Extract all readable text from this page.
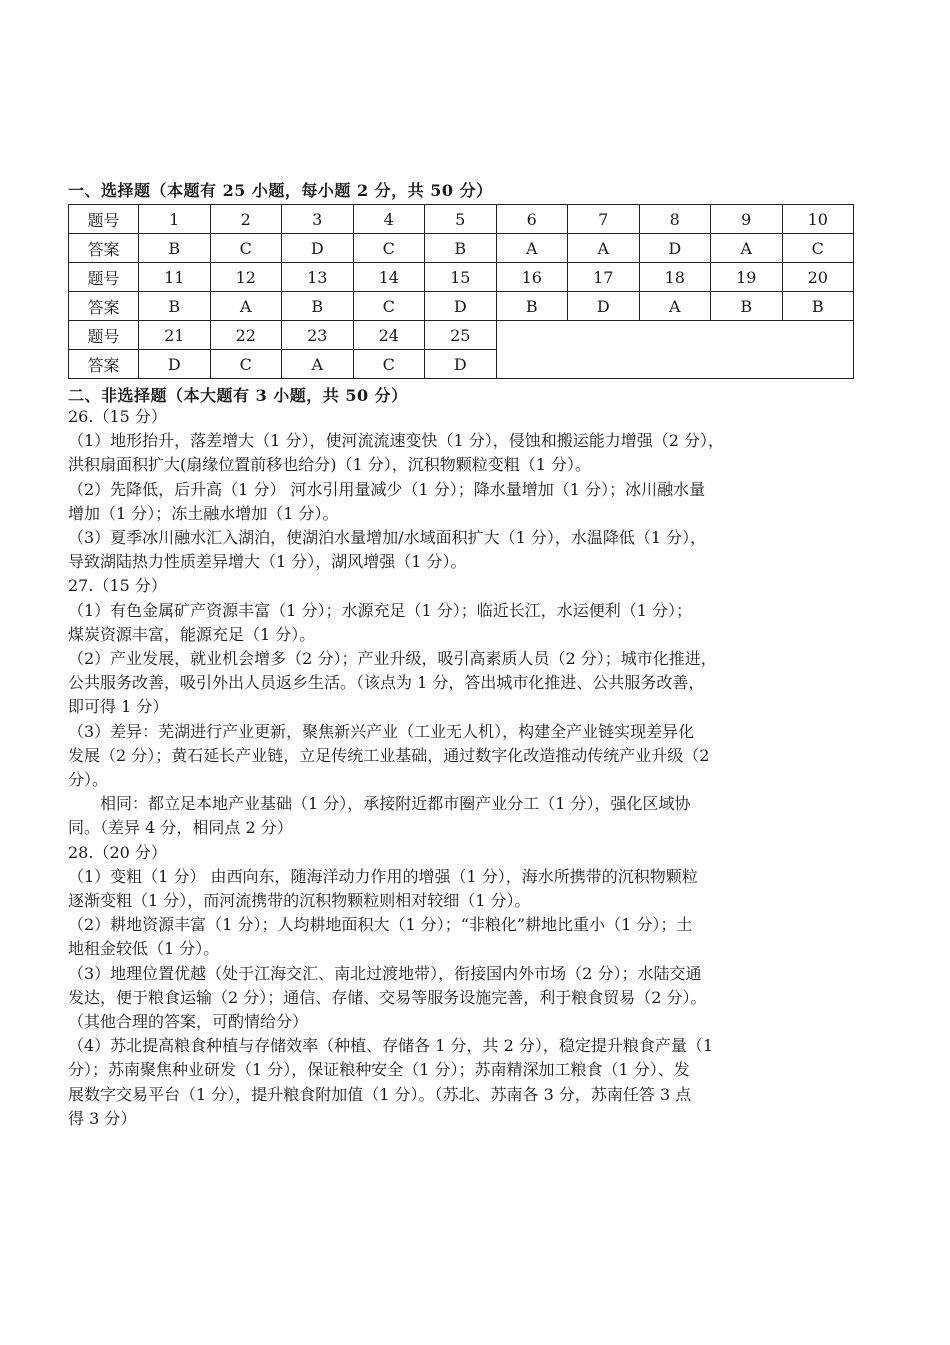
一、选择题（本题有 25 小题，每小题 2 分，共 50 分）
题号	1	2	3	4	5	6	7	8	9	10
答案	B	C	D	C	B	A	A	D	A	C
题号	11	12	13	14	15	16	17	18	19	20
答案	B	A	B	C	D	B	D	A	B	B
题号	21	22	23	24	25					
答案	D	C	A	C	D					
二、非选择题（本大题有 3 小题，共 50 分）
26.（15 分）
（1）地形抬升，落差增大（1 分），使河流流速变快（1 分），侵蚀和搬运能力增强（2 分），
洪积扇面积扩大(扇缘位置前移也给分)（1 分），沉积物颗粒变粗（1 分）。
（2）先降低，后升高（1 分） 河水引用量减少（1 分）；降水量增加（1 分）；冰川融水量
增加（1 分）；冻土融水增加（1 分）。
（3）夏季冰川融水汇入湖泊，使湖泊水量增加/水域面积扩大（1 分），水温降低（1 分），
导致湖陆热力性质差异增大（1 分），湖风增强（1 分）。
27.（15 分）
（1）有色金属矿产资源丰富（1 分）；水源充足（1 分）；临近长江，水运便利（1 分）；
煤炭资源丰富，能源充足（1 分）。
（2）产业发展，就业机会增多（2 分）；产业升级，吸引高素质人员（2 分）；城市化推进，
公共服务改善，吸引外出人员返乡生活。（该点为 1 分，答出城市化推进、公共服务改善，
即可得 1 分）
（3）差异：芜湖进行产业更新，聚焦新兴产业（工业无人机），构建全产业链实现差异化
发展（2 分）；黄石延长产业链，立足传统工业基础，通过数字化改造推动传统产业升级（2
分）。
　　相同：都立足本地产业基础（1 分），承接附近都市圈产业分工（1 分），强化区域协
同。（差异 4 分，相同点 2 分）
28.（20 分）
（1）变粗（1 分） 由西向东，随海洋动力作用的增强（1 分），海水所携带的沉积物颗粒
逐渐变粗（1 分），而河流携带的沉积物颗粒则相对较细（1 分）。
（2）耕地资源丰富（1 分）；人均耕地面积大（1 分）；“非粮化”耕地比重小（1 分）；土
地租金较低（1 分）。
（3）地理位置优越（处于江海交汇、南北过渡地带），衔接国内外市场（2 分）；水陆交通
发达，便于粮食运输（2 分）；通信、存储、交易等服务设施完善，利于粮食贸易（2 分）。
（其他合理的答案，可酌情给分）
（4）苏北提高粮食种植与存储效率（种植、存储各 1 分，共 2 分），稳定提升粮食产量（1
分）；苏南聚焦种业研发（1 分），保证粮种安全（1 分）；苏南精深加工粮食（1 分）、发
展数字交易平台（1 分），提升粮食附加值（1 分）。（苏北、苏南各 3 分，苏南任答 3 点
得 3 分）
